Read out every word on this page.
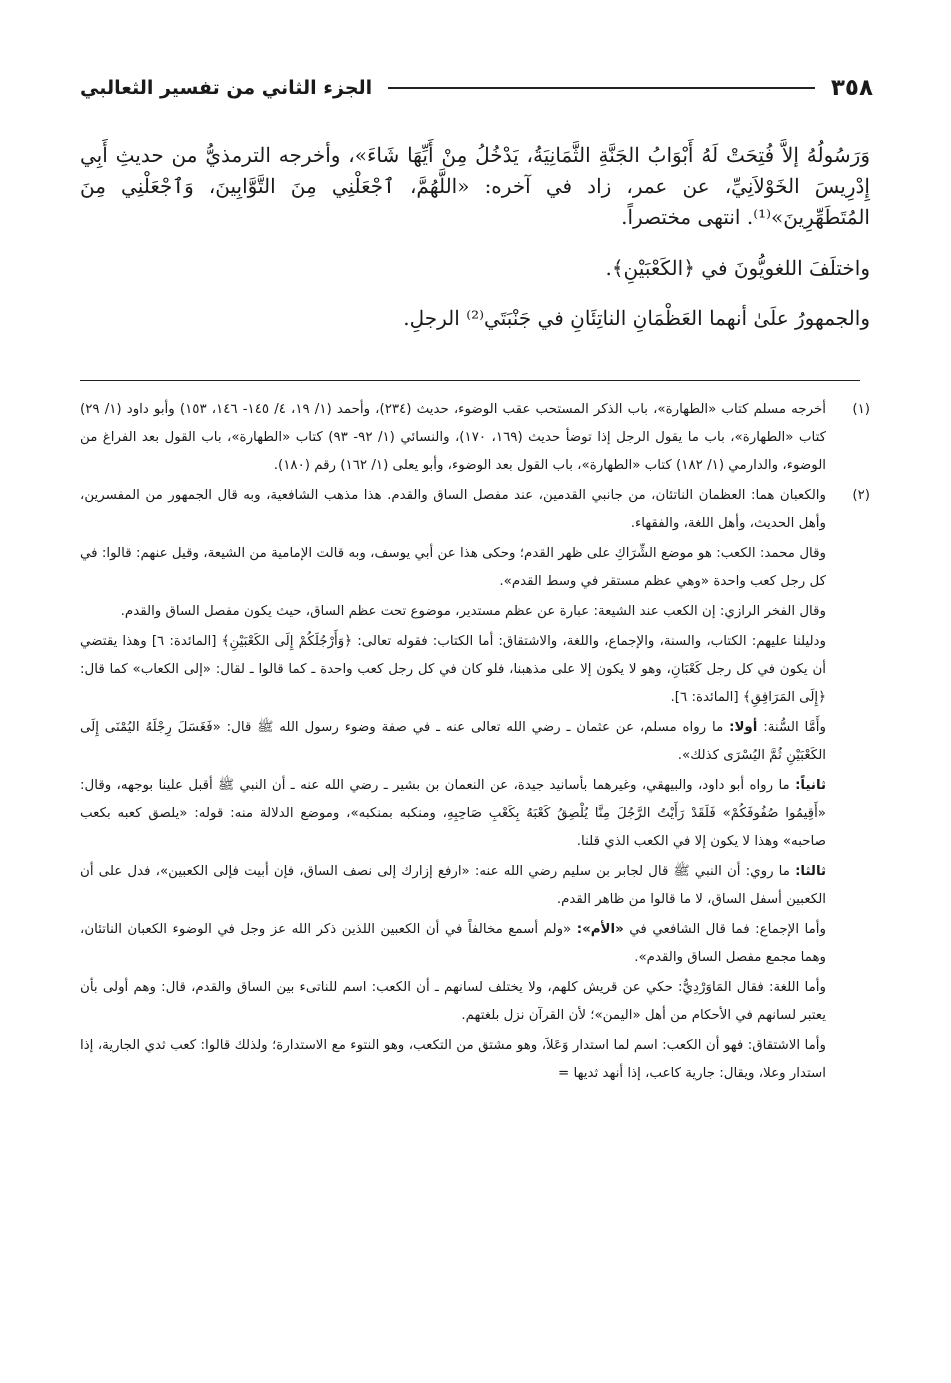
٣٥٨
الجزء الثاني من تفسير الثعالبي

وَرَسُولُهُ إلاَّ فُتِحَتْ لَهُ أَبْوَابُ الجَنَّةِ الثَّمَانِيَةُ، يَدْخُلُ مِنْ أَيِّهَا شَاءَ»، وأخرجه الترمذيُّ من حديثِ أَبِي إِدْرِيسَ الخَوْلاَنِيِّ، عن عمر، زاد في آخره: «اللَّهُمَّ، ٱجْعَلْنِي مِنَ التَّوَّابِينَ، وَٱجْعَلْنِي مِنَ المُتَطَهِّرِينَ»⁽¹⁾. انتهى مختصراً.

واختلَفَ اللغويُّونَ في ﴿الكَعْبَيْنِ﴾.

والجمهورُ علَىٰ أنهما العَظْمَانِ الناتِئَانِ في جَنْبَتَي⁽²⁾ الرجلِ.

(١)

أخرجه مسلم كتاب «الطهارة»، باب الذكر المستحب عقب الوضوء، حديث (٢٣٤)، وأحمد (١/ ١٩، ٤/ ١٤٥- ١٤٦، ١٥٣) وأبو داود (١/ ٢٩) كتاب «الطهارة»، باب ما يقول الرجل إذا توضأ حديث (١٦٩، ١٧٠)، والنسائي (١/ ٩٢- ٩٣) كتاب «الطهارة»، باب القول بعد الفراغ من الوضوء، والدارمي (١/ ١٨٢) كتاب «الطهارة»، باب القول بعد الوضوء، وأبو يعلى (١/ ١٦٢) رقم (١٨٠).

(٢)

والكعبان هما: العظمان الناتئان، من جانبي القدمين، عند مفصل الساق والقدم. هذا مذهب الشافعية، وبه قال الجمهور من المفسرين، وأهل الحديث، وأهل اللغة، والفقهاء.

وقال محمد: الكعب: هو موضع الشِّرَاكِ على ظهر القدم؛ وحكى هذا عن أبي يوسف، وبه قالت الإمامية من الشيعة، وقيل عنهم: قالوا: في كل رجل كعب واحدة «وهي عظم مستقر في وسط القدم».

وقال الفخر الرازي: إن الكعب عند الشيعة: عبارة عن عظم مستدير، موضوع تحت عظم الساق، حيث يكون مفصل الساق والقدم.

ودليلنا عليهم: الكتاب، والسنة، والإجماع، واللغة، والاشتقاق: أما الكتاب: فقوله تعالى: ﴿وَأَرْجُلَكُمْ إِلَى الكَعْبَيْنِ﴾ [المائدة: ٦] وهذا يقتضي أن يكون في كل رجل كَعْبَانِ، وهو لا يكون إلا على مذهبنا، فلو كان في كل رجل كعب واحدة ـ كما قالوا ـ لقال: «إلى الكعاب» كما قال: ﴿إِلَى المَرَافِقِ﴾ [المائدة: ٦].

وأَمَّا السُّنة: أولا: ما رواه مسلم، عن عثمان ـ رضي الله تعالى عنه ـ في صفة وضوء رسول الله ﷺ قال: «فَغَسَلَ رِجْلَهُ اليُمْنَى إِلَى الكَعْبَيْنِ ثُمَّ اليُسْرَى كذلك».

ثانياً: ما رواه أبو داود، والبيهقي، وغيرهما بأسانيد جيدة، عن النعمان بن بشير ـ رضي الله عنه ـ أن النبي ﷺ أقبل علينا بوجهه، وقال: «أَقِيمُوا صُفُوفَكُمْ» فَلَقَدْ رَأَيْتُ الرَّجُلَ مِنَّا يُلْصِقُ كَعْبَهُ بِكَعْبِ صَاحِبِهِ، ومنكبه بمنكبه»، وموضع الدلالة منه: قوله: «يلصق كعبه بكعب صاحبه» وهذا لا يكون إلا في الكعب الذي قلنا.

ثالثا: ما روي: أن النبي ﷺ قال لجابر بن سليم رضي الله عنه: «ارفع إزارك إلى نصف الساق، فإن أبيت فإلى الكعبين»، فدل على أن الكعبين أسفل الساق، لا ما قالوا من ظاهر القدم.

وأما الإجماع: فما قال الشافعي في «الأم»: «ولم أسمع مخالفاً في أن الكعبين اللذين ذكر الله عز وجل في الوضوء الكعبان الناتئان، وهما مجمع مفصل الساق والقدم».

وأما اللغة: فقال المَاوَرْدِيُّ: حكي عن قريش كلهم، ولا يختلف لسانهم ـ أن الكعب: اسم للناتىء بين الساق والقدم، قال: وهم أولى بأن يعتبر لسانهم في الأحكام من أهل «اليمن»؛ لأن القرآن نزل بلغتهم.

وأما الاشتقاق: فهو أن الكعب: اسم لما استدار وَعَلاَ، وهو مشتق من التكعب، وهو النتوء مع الاستدارة؛ ولذلك قالوا: كعب ثدي الجارية، إذا استدار وعلا، ويقال: جارية كاعب، إذا أنهد ثديها =
